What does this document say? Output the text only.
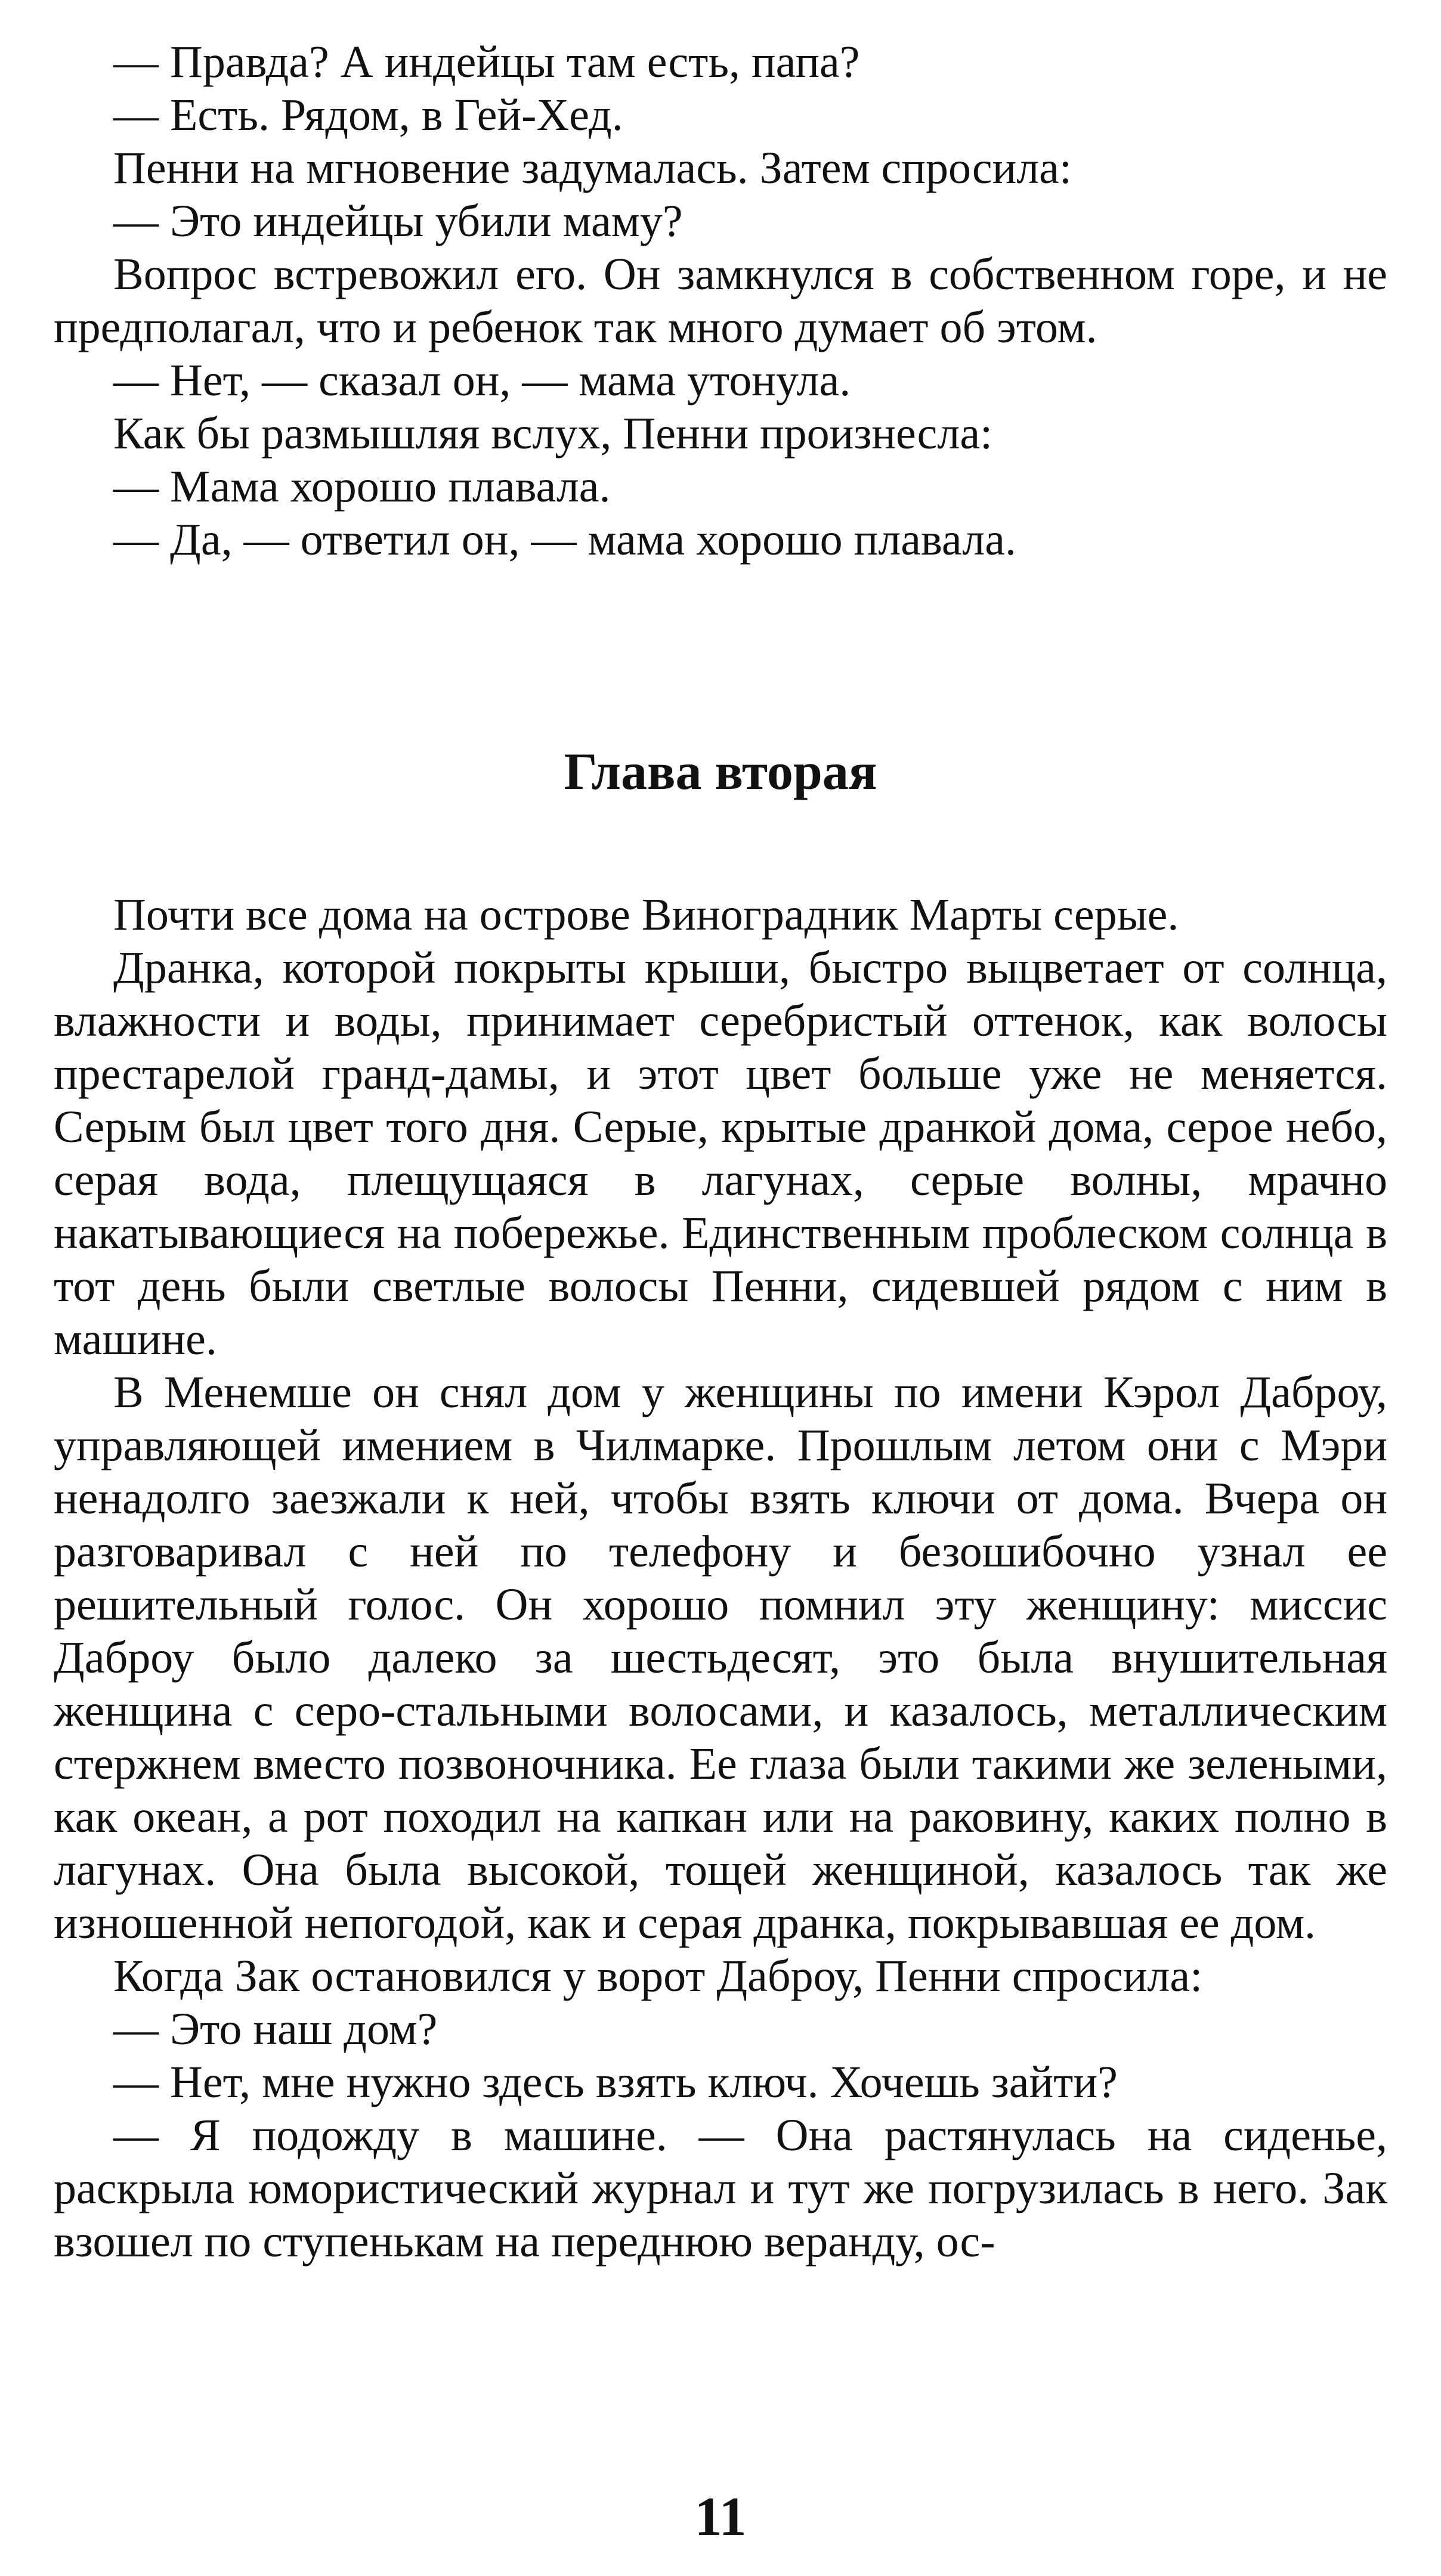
— Правда? А индейцы там есть, папа?

— Есть. Рядом, в Гей-Хед.

Пенни на мгновение задумалась. Затем спросила:

— Это индейцы убили маму?

Вопрос встревожил его. Он замкнулся в собственном горе, и не предполагал, что и ребенок так много думает об этом.

— Нет, — сказал он, — мама утонула.

Как бы размышляя вслух, Пенни произнесла:

— Мама хорошо плавала.

— Да, — ответил он, — мама хорошо плавала.

Глава вторая

Почти все дома на острове Виноградник Марты серые.

Дранка, которой покрыты крыши, быстро выцветает от солнца, влажности и воды, принимает серебристый оттенок, как волосы престарелой гранд-дамы, и этот цвет больше уже не меняется. Серым был цвет того дня. Серые, крытые дранкой дома, серое небо, серая вода, плещущаяся в лагунах, серые волны, мрачно накатывающиеся на побережье. Единственным проблеском солнца в тот день были светлые волосы Пенни, сидевшей рядом с ним в машине.

В Менемше он снял дом у женщины по имени Кэрол Даброу, управляющей имением в Чилмарке. Прошлым летом они с Мэри ненадолго заезжали к ней, чтобы взять ключи от дома. Вчера он разговаривал с ней по телефону и безошибочно узнал ее решительный голос. Он хорошо помнил эту женщину: миссис Даброу было далеко за шестьдесят, это была внушительная женщина с серо-стальными волосами, и казалось, металлическим стержнем вместо позвоночника. Ее глаза были такими же зелеными, как океан, а рот походил на капкан или на раковину, каких полно в лагунах. Она была высокой, тощей женщиной, казалось так же изношенной непогодой, как и серая дранка, покрывавшая ее дом.

Когда Зак остановился у ворот Даброу, Пенни спросила:

— Это наш дом?

— Нет, мне нужно здесь взять ключ. Хочешь зайти?

— Я подожду в машине. — Она растянулась на сиденье, раскрыла юмористический журнал и тут же погрузилась в него. Зак взошел по ступенькам на переднюю веранду, ос-

11
